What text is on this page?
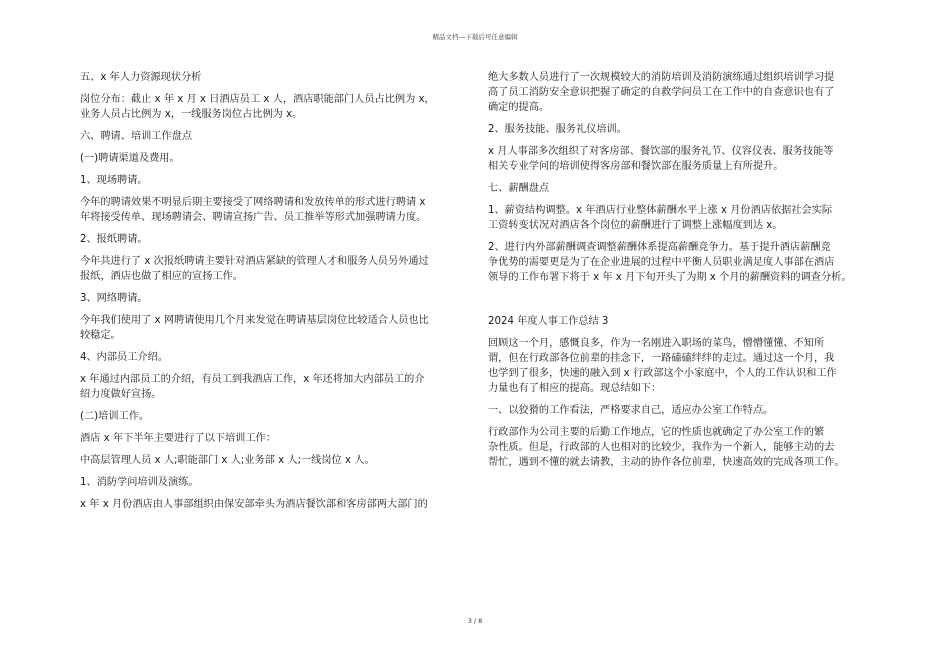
精品文档---下载后可任意编辑
五、x 年人力资源现状分析
岗位分布：截止 x 年 x 月 x 日酒店员工 x 人，酒店职能部门人员占比例为 x，
业务人员占比例为 x，一线服务岗位占比例为 x。
六、聘请、培训工作盘点
(一)聘请渠道及费用。
1、现场聘请。
今年的聘请效果不明显后期主要接受了网络聘请和发放传单的形式进行聘请 x
年将接受传单、现场聘请会、聘请宣扬广告、员工推举等形式加强聘请力度。
2、报纸聘请。
今年共进行了 x 次报纸聘请主要针对酒店紧缺的管理人才和服务人员另外通过
报纸，酒店也做了相应的宣扬工作。
3、网络聘请。
今年我们使用了 x 网聘请使用几个月来发觉在聘请基层岗位比较适合人员也比
较稳定。
4、内部员工介绍。
x 年通过内部员工的介绍，有员工到我酒店工作，x 年还将加大内部员工的介
绍力度做好宣扬。
(二)培训工作。
酒店 x 年下半年主要进行了以下培训工作：
中高层管理人员 x 人;职能部门 x 人;业务部 x 人;一线岗位 x 人。
1、消防学问培训及演练。
x 年 x 月份酒店由人事部组织由保安部牵头为酒店餐饮部和客房部两大部门的
绝大多数人员进行了一次规模较大的消防培训及消防演练通过组织培训学习提
高了员工消防安全意识把握了确定的自救学问员工在工作中的自查意识也有了
确定的提高。
2、服务技能、服务礼仪培训。
x 月人事部多次组织了对客房部、餐饮部的服务礼节、仪容仪表、服务技能等
相关专业学问的培训使得客房部和餐饮部在服务质量上有所提升。
七、薪酬盘点
1、薪资结构调整。x 年酒店行业整体薪酬水平上涨 x 月份酒店依据社会实际
工资转变状况对酒店各个岗位的薪酬进行了调整上涨幅度到达 x。
2、进行内外部薪酬调查调整薪酬体系提高薪酬竞争力。基于提升酒店薪酬竞
争优势的需要更是为了在企业进展的过程中平衡人员职业满足度人事部在酒店
领导的工作布署下将于 x 年 x 月下旬开头了为期 x 个月的薪酬资料的调查分析。

2024 年度人事工作总结 3
回顾这一个月，感慨良多，作为一名刚进入职场的菜鸟，懵懵懂懂、不知所
谓，但在行政部各位前辈的挂念下，一路磕磕绊绊的走过。通过这一个月，我
也学到了很多，快速的融入到 x 行政部这个小家庭中，个人的工作认识和工作
力量也有了相应的提高。现总结如下：
一、以狡猾的工作看法，严格要求自己，适应办公室工作特点。
行政部作为公司主要的后勤工作地点，它的性质也就确定了办公室工作的繁
杂性质。但是，行政部的人也相对的比较少，我作为一个新人，能够主动的去
帮忙，遇到不懂的就去请教，主动的协作各位前辈，快速高效的完成各项工作。
3 / 8
